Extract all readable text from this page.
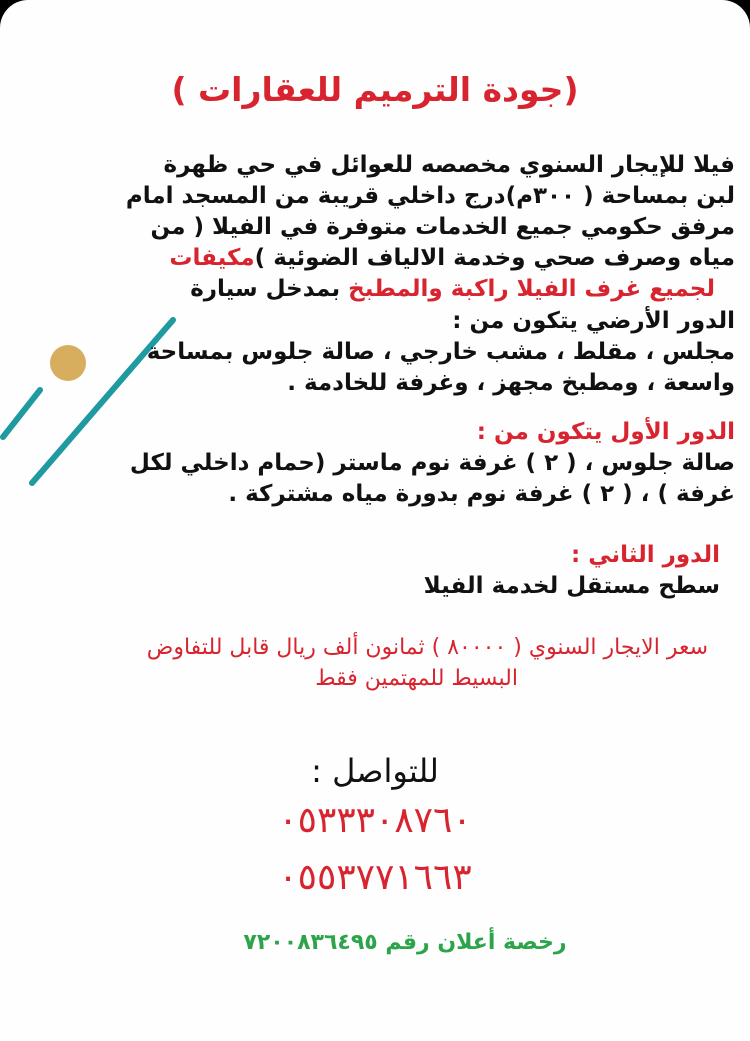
(جودة الترميم للعقارات )
فيلا للإيجار السنوي مخصصه للعوائل في حي ظهرة
لبن بمساحة ( ٣٠٠م)درج داخلي قريبة من المسجد امام
مرفق حكومي جميع الخدمات متوفرة في الفيلا ( من
مياه وصرف صحي وخدمة الالياف الضوئية )مكيفات
لجميع غرف الفيلا راكبة والمطبخ بمدخل سيارة
الدور الأرضي يتكون من :
مجلس ، مقلط ، مشب خارجي ، صالة جلوس بمساحة
واسعة ، ومطبخ مجهز ، وغرفة للخادمة .
الدور الأول يتكون من :
صالة جلوس ، ( ٢ ) غرفة نوم ماستر (حمام داخلي لكل
غرفة ) ، ( ٢ ) غرفة نوم بدورة مياه مشتركة .
الدور الثاني :
سطح مستقل لخدمة الفيلا
سعر الايجار السنوي ( ٨٠٠٠٠ ) ثمانون ألف ريال قابل للتفاوض
البسيط للمهتمين فقط
للتواصل :
٠٥٣٣٣٠٨٧٦٠
٠٥٥٣٧٧١٦٦٣
رخصة أعلان رقم ٧٢٠٠٨٣٦٤٩٥
